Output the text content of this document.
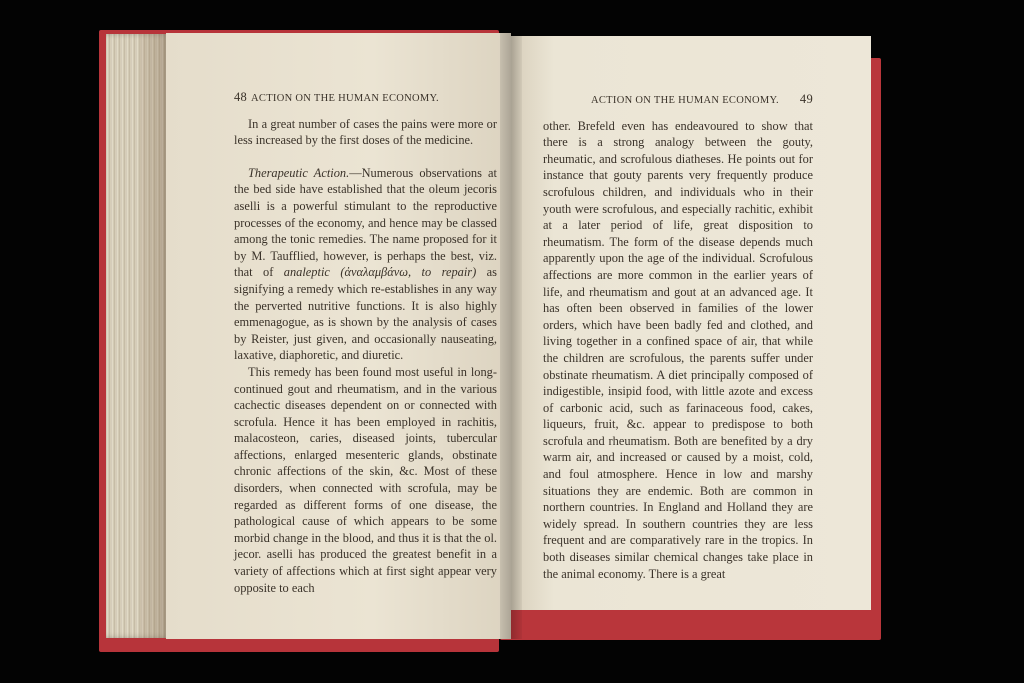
48 ACTION ON THE HUMAN ECONOMY.

In a great number of cases the pains were more or less increased by the first doses of the medicine.

Therapeutic Action.—Numerous observations at the bed side have established that the oleum jecoris aselli is a powerful stimulant to the reproductive processes of the economy, and hence may be classed among the tonic remedies. The name proposed for it by M. Taufflied, however, is perhaps the best, viz. that of analeptic (ἀναλαμβάνω, to repair) as signifying a remedy which re-establishes in any way the perverted nutritive functions. It is also highly emmenagogue, as is shown by the analysis of cases by Reister, just given, and occasionally nauseating, laxative, diaphoretic, and diuretic.

This remedy has been found most useful in long-continued gout and rheumatism, and in the various cachectic diseases dependent on or connected with scrofula. Hence it has been employed in rachitis, malacosteon, caries, diseased joints, tubercular affections, enlarged mesenteric glands, obstinate chronic affections of the skin, &c. Most of these disorders, when connected with scrofula, may be regarded as different forms of one disease, the pathological cause of which appears to be some morbid change in the blood, and thus it is that the ol. jecor. aselli has produced the greatest benefit in a variety of affections which at first sight appear very opposite to each

ACTION ON THE HUMAN ECONOMY. 49

other. Brefeld even has endeavoured to show that there is a strong analogy between the gouty, rheumatic, and scrofulous diatheses. He points out for instance that gouty parents very frequently produce scrofulous children, and individuals who in their youth were scrofulous, and especially rachitic, exhibit at a later period of life, great disposition to rheumatism. The form of the disease depends much apparently upon the age of the individual. Scrofulous affections are more common in the earlier years of life, and rheumatism and gout at an advanced age. It has often been observed in families of the lower orders, which have been badly fed and clothed, and living together in a confined space of air, that while the children are scrofulous, the parents suffer under obstinate rheumatism. A diet principally composed of indigestible, insipid food, with little azote and excess of carbonic acid, such as farinaceous food, cakes, liqueurs, fruit, &c. appear to predispose to both scrofula and rheumatism. Both are benefited by a dry warm air, and increased or caused by a moist, cold, and foul atmosphere. Hence in low and marshy situations they are endemic. Both are common in northern countries. In England and Holland they are widely spread. In southern countries they are less frequent and are comparatively rare in the tropics. In both diseases similar chemical changes take place in the animal economy. There is a great
